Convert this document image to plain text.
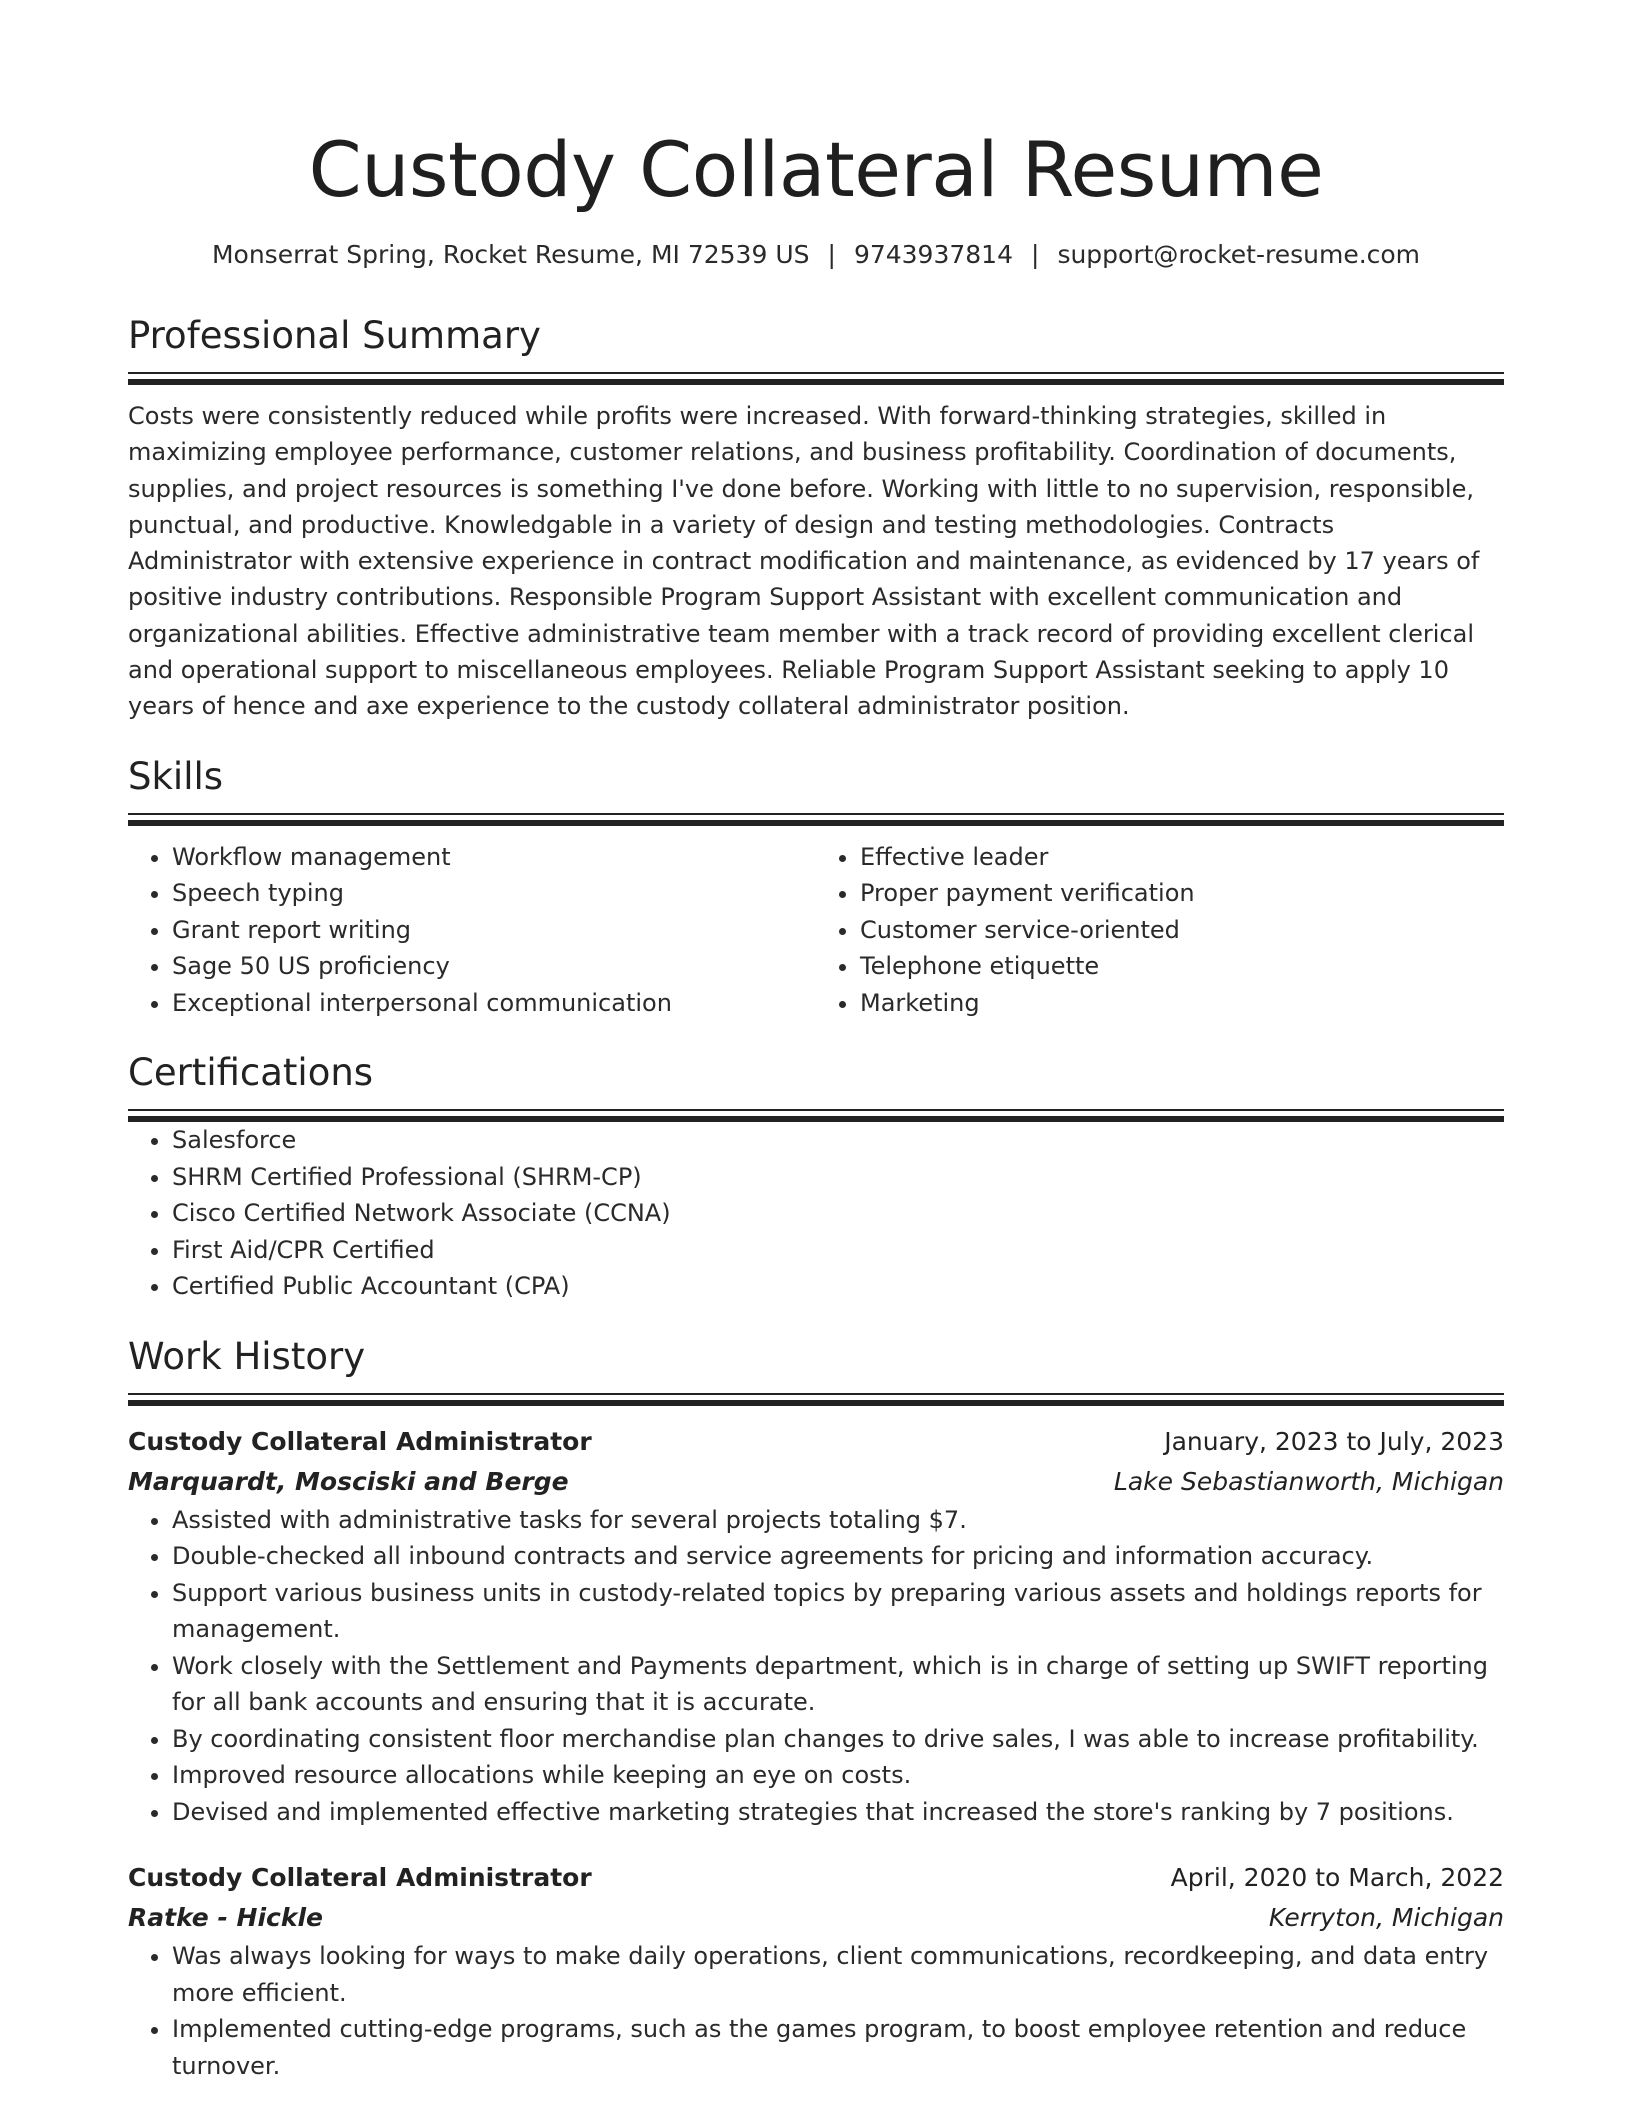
Custody Collateral Resume
Monserrat Spring, Rocket Resume, MI 72539 US | 9743937814 | support@rocket-resume.com
Professional Summary

Costs were consistently reduced while profits were increased. With forward-thinking strategies, skilled in maximizing employee performance, customer relations, and business profitability. Coordination of documents, supplies, and project resources is something I've done before. Working with little to no supervision, responsible, punctual, and productive. Knowledgable in a variety of design and testing methodologies. Contracts Administrator with extensive experience in contract modification and maintenance, as evidenced by 17 years of positive industry contributions. Responsible Program Support Assistant with excellent communication and organizational abilities. Effective administrative team member with a track record of providing excellent clerical and operational support to miscellaneous employees. Reliable Program Support Assistant seeking to apply 10 years of hence and axe experience to the custody collateral administrator position.

Skills
• Workflow management
• Speech typing
• Grant report writing
• Sage 50 US proficiency
• Exceptional interpersonal communication
• Effective leader
• Proper payment verification
• Customer service-oriented
• Telephone etiquette
• Marketing
Certifications
• Salesforce
• SHRM Certified Professional (SHRM-CP)
• Cisco Certified Network Associate (CCNA)
• First Aid/CPR Certified
• Certified Public Accountant (CPA)
Work History
Custody Collateral Administrator	January, 2023 to July, 2023
Marquardt, Mosciski and Berge	Lake Sebastianworth, Michigan
• Assisted with administrative tasks for several projects totaling $7.
• Double-checked all inbound contracts and service agreements for pricing and information accuracy.
• Support various business units in custody-related topics by preparing various assets and holdings reports for management.
• Work closely with the Settlement and Payments department, which is in charge of setting up SWIFT reporting for all bank accounts and ensuring that it is accurate.
• By coordinating consistent floor merchandise plan changes to drive sales, I was able to increase profitability.
• Improved resource allocations while keeping an eye on costs.
• Devised and implemented effective marketing strategies that increased the store's ranking by 7 positions.
Custody Collateral Administrator	April, 2020 to March, 2022
Ratke - Hickle	Kerryton, Michigan
• Was always looking for ways to make daily operations, client communications, recordkeeping, and data entry more efficient.
• Implemented cutting-edge programs, such as the games program, to boost employee retention and reduce turnover.
